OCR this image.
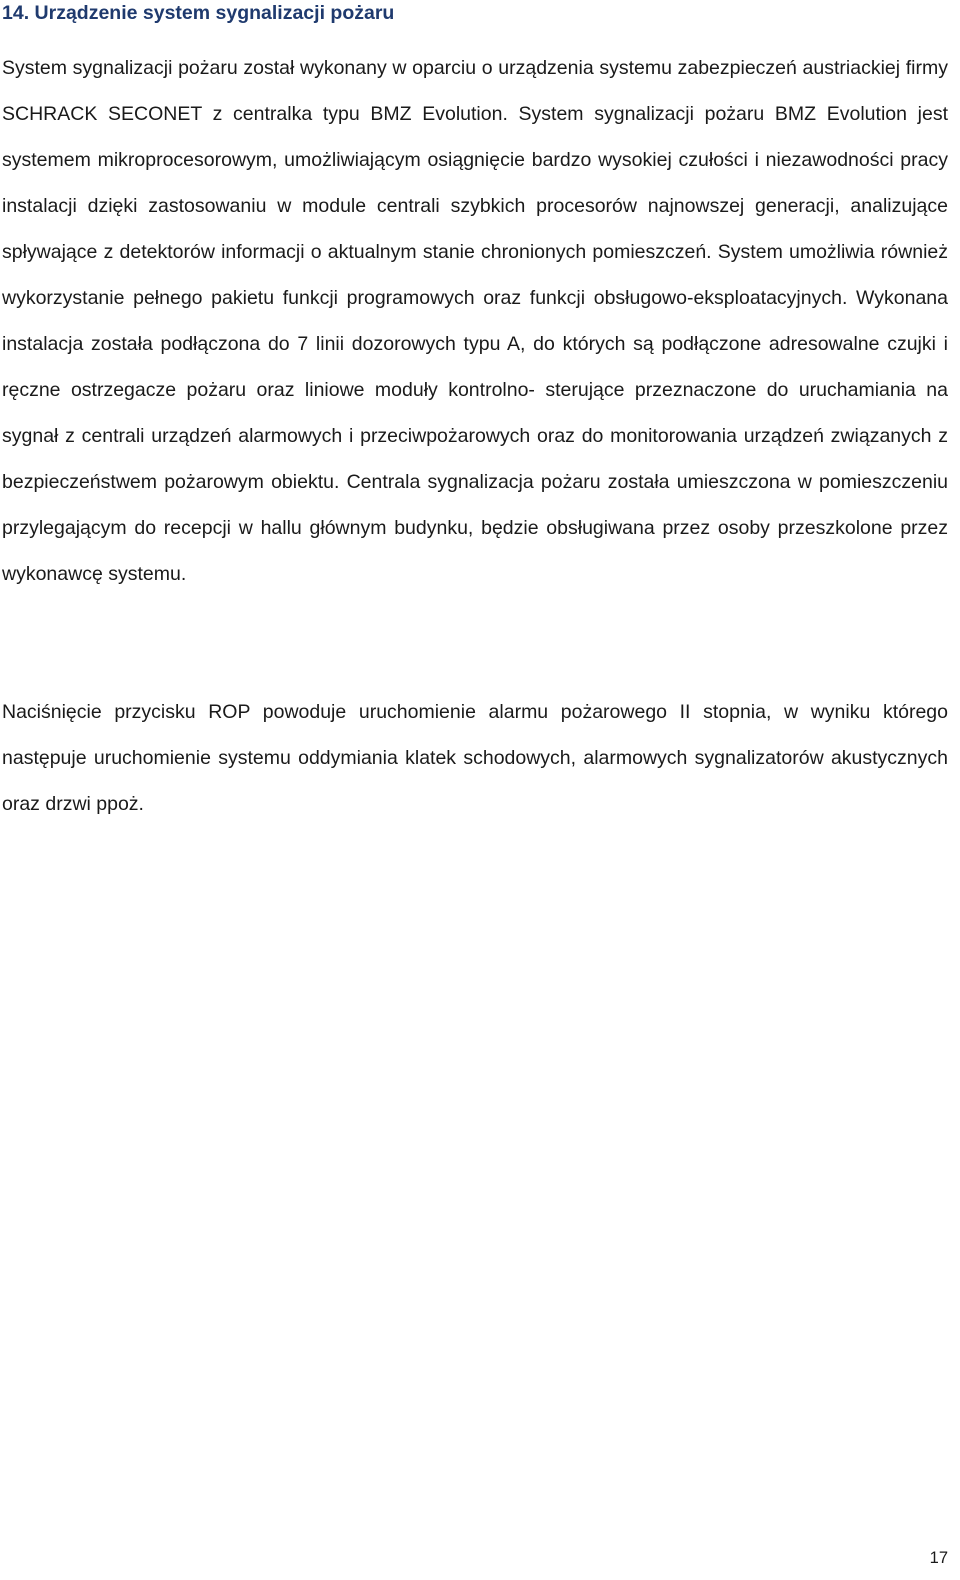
14. Urządzenie system sygnalizacji pożaru

System sygnalizacji pożaru został wykonany w oparciu o urządzenia systemu zabezpieczeń austriackiej firmy SCHRACK SECONET z centralka typu BMZ Evolution. System sygnalizacji pożaru BMZ Evolution jest systemem mikroprocesorowym, umożliwiającym osiągnięcie bardzo wysokiej czułości i niezawodności pracy instalacji dzięki zastosowaniu w module centrali szybkich procesorów najnowszej generacji, analizujące spływające z detektorów informacji o aktualnym stanie chronionych pomieszczeń. System umożliwia również wykorzystanie pełnego pakietu funkcji programowych oraz funkcji obsługowo-eksploatacyjnych. Wykonana instalacja została podłączona do 7 linii dozorowych typu A, do których są podłączone adresowalne czujki i ręczne ostrzegacze pożaru oraz liniowe moduły kontrolno- sterujące przeznaczone do uruchamiania na sygnał z centrali urządzeń alarmowych i przeciwpożarowych oraz do monitorowania urządzeń związanych z bezpieczeństwem pożarowym obiektu. Centrala sygnalizacja pożaru została umieszczona w pomieszczeniu przylegającym do recepcji w hallu głównym budynku, będzie obsługiwana przez osoby przeszkolone przez wykonawcę systemu.

Naciśnięcie przycisku ROP powoduje uruchomienie alarmu pożarowego II stopnia, w wyniku którego następuje uruchomienie systemu oddymiania klatek schodowych, alarmowych sygnalizatorów akustycznych oraz drzwi ppoż.

17
